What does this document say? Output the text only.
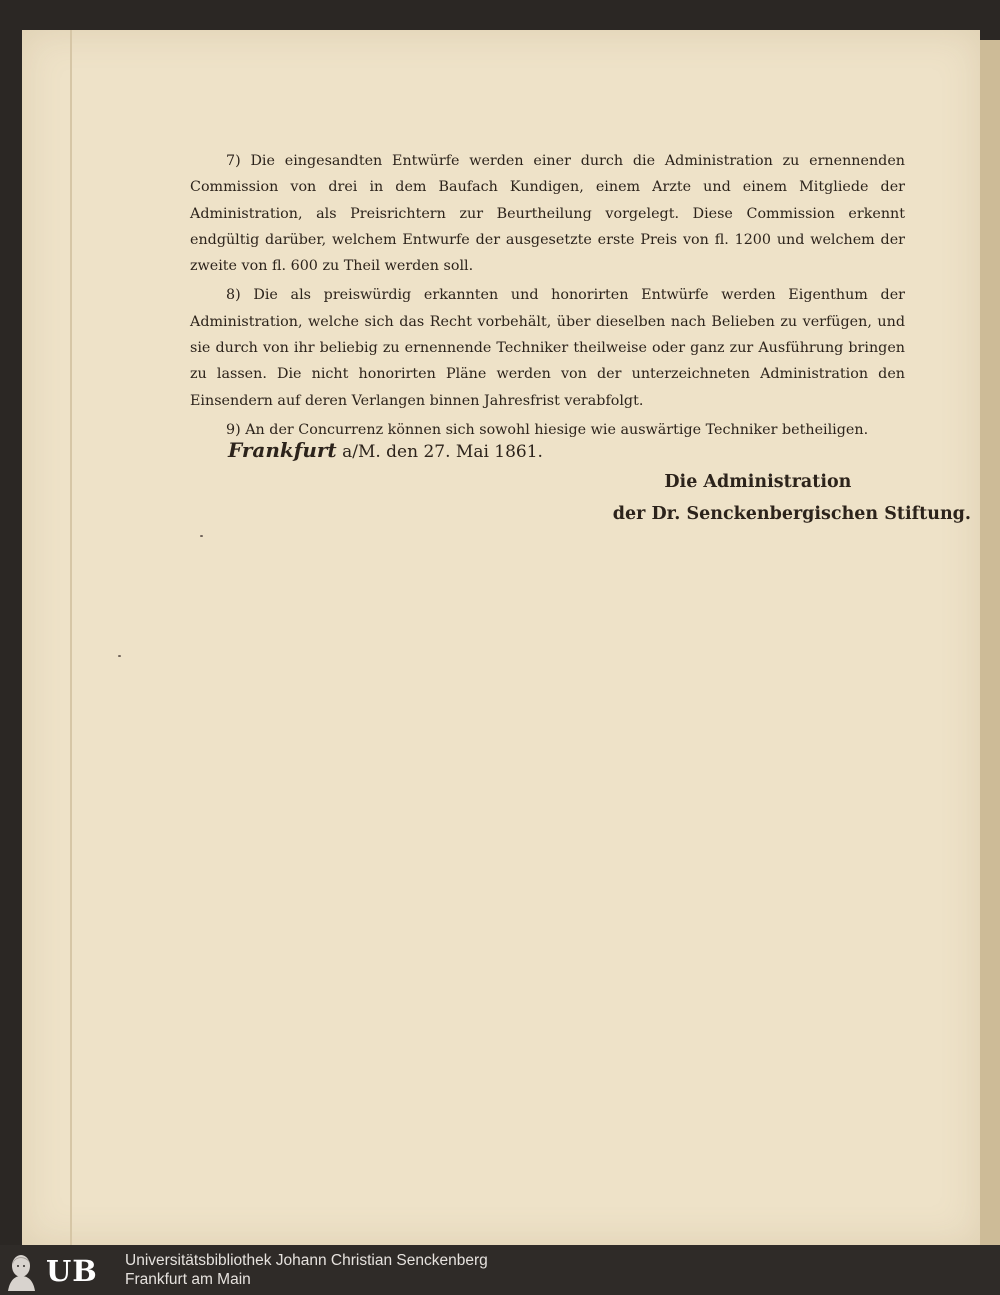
7) Die eingesandten Entwürfe werden einer durch die Administration zu ernennenden Commission von drei in dem Baufach Kundigen, einem Arzte und einem Mitgliede der Administration, als Preisrichtern zur Beurtheilung vorgelegt. Diese Commission erkennt endgültig darüber, welchem Entwurfe der ausgesetzte erste Preis von fl. 1200 und welchem der zweite von fl. 600 zu Theil werden soll.

8) Die als preiswürdig erkannten und honorirten Entwürfe werden Eigenthum der Administration, welche sich das Recht vorbehält, über dieselben nach Belieben zu verfügen, und sie durch von ihr beliebig zu ernennende Techniker theilweise oder ganz zur Ausführung bringen zu lassen. Die nicht honorirten Pläne werden von der unterzeichneten Administration den Einsendern auf deren Verlangen binnen Jahresfrist verabfolgt.

9) An der Concurrenz können sich sowohl hiesige wie auswärtige Techniker betheiligen.

Frankfurt a/M. den 27. Mai 1861.
Die Administration
der Dr. Senckenbergischen Stiftung.
UB Universitätsbibliothek Johann Christian Senckenberg
Frankfurt am Main
